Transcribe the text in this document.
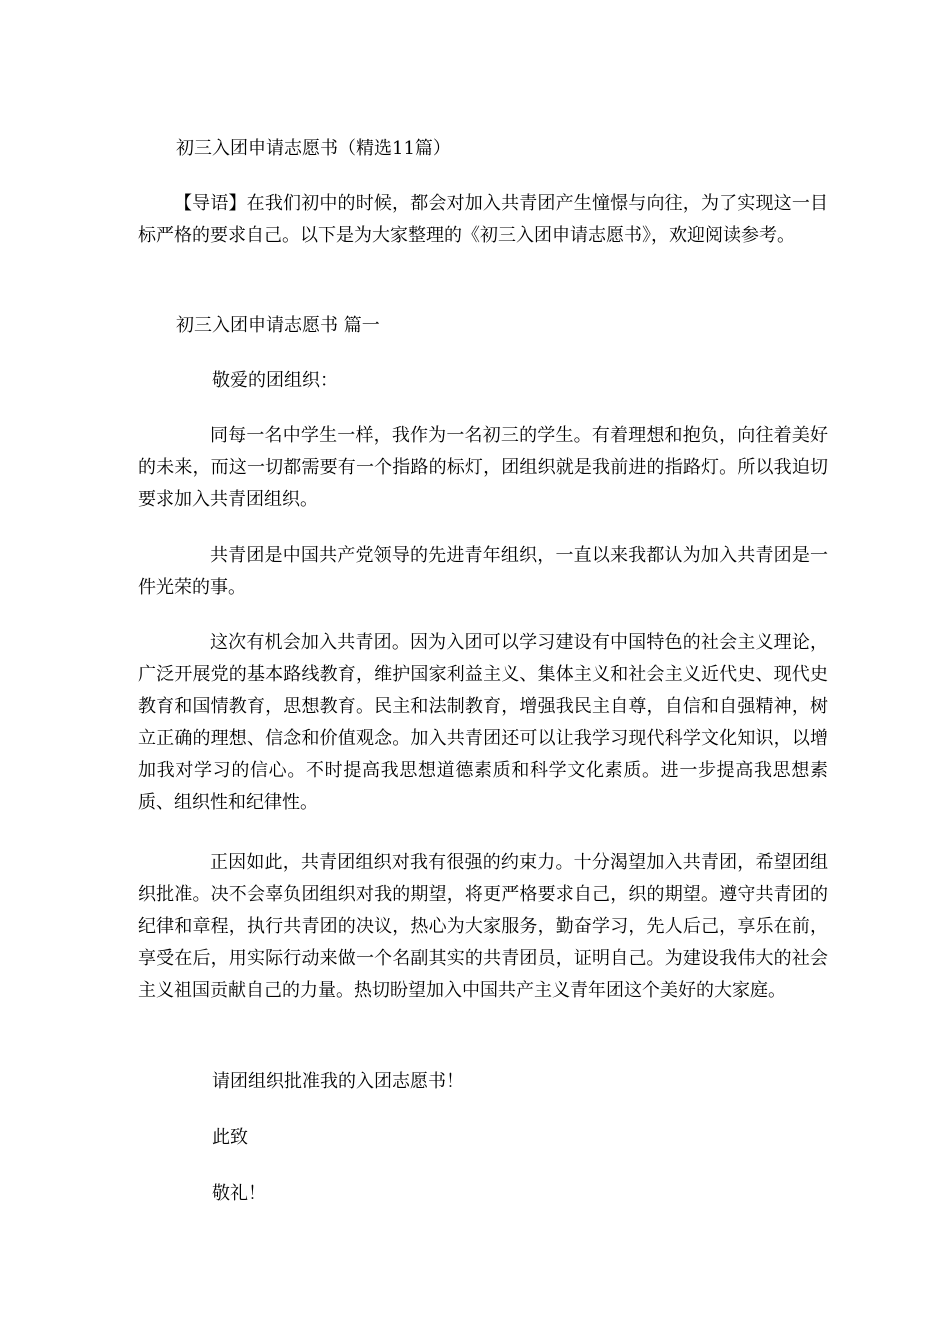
初三入团申请志愿书（精选11篇）

【导语】在我们初中的时候，都会对加入共青团产生憧憬与向往，为了实现这一目标严格的要求自己。以下是为大家整理的《初三入团申请志愿书》，欢迎阅读参考。

初三入团申请志愿书 篇一

敬爱的团组织：

同每一名中学生一样，我作为一名初三的学生。有着理想和抱负，向往着美好的未来，而这一切都需要有一个指路的标灯，团组织就是我前进的指路灯。所以我迫切要求加入共青团组织。

共青团是中国共产党领导的先进青年组织，一直以来我都认为加入共青团是一件光荣的事。

这次有机会加入共青团。因为入团可以学习建设有中国特色的社会主义理论，广泛开展党的基本路线教育，维护国家利益主义、集体主义和社会主义近代史、现代史教育和国情教育，思想教育。民主和法制教育，增强我民主自尊，自信和自强精神，树立正确的理想、信念和价值观念。加入共青团还可以让我学习现代科学文化知识，以增加我对学习的信心。不时提高我思想道德素质和科学文化素质。进一步提高我思想素质、组织性和纪律性。

正因如此，共青团组织对我有很强的约束力。十分渴望加入共青团，希望团组织批准。决不会辜负团组织对我的期望，将更严格要求自己，织的期望。遵守共青团的纪律和章程，执行共青团的决议，热心为大家服务，勤奋学习，先人后己，享乐在前，享受在后，用实际行动来做一个名副其实的共青团员，证明自己。为建设我伟大的社会主义祖国贡献自己的力量。热切盼望加入中国共产主义青年团这个美好的大家庭。

请团组织批准我的入团志愿书！

此致

敬礼！
